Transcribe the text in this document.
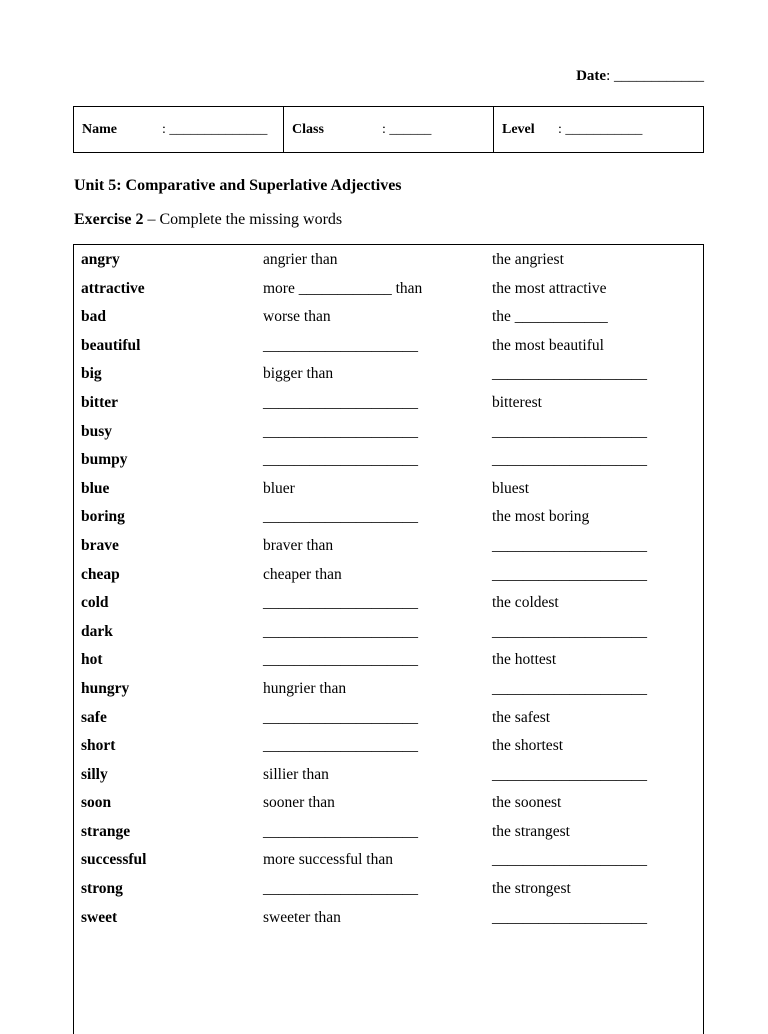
Date: ____________
Name	: ______________ Class	: ______	Level	: ___________
Unit 5: Comparative and Superlative Adjectives
Exercise 2 – Complete the missing words
angry	angrier than	the angriest
attractive	more ____________ than	the most attractive
bad	worse than	the ____________
beautiful	____________________	the most beautiful
big	bigger than	____________________
bitter	____________________	bitterest
busy	____________________	____________________
bumpy	____________________	____________________
blue	bluer	bluest
boring	____________________	the most boring
brave	braver than	____________________
cheap	cheaper than	____________________
cold	____________________	the coldest
dark	____________________	____________________
hot	____________________	the hottest
hungry	hungrier than	____________________
safe	____________________	the safest
short	____________________	the shortest
silly	sillier than	____________________
soon	sooner than	the soonest
strange	____________________	the strangest
successful	more successful than	____________________
strong	____________________	the strongest
sweet	sweeter than	____________________
